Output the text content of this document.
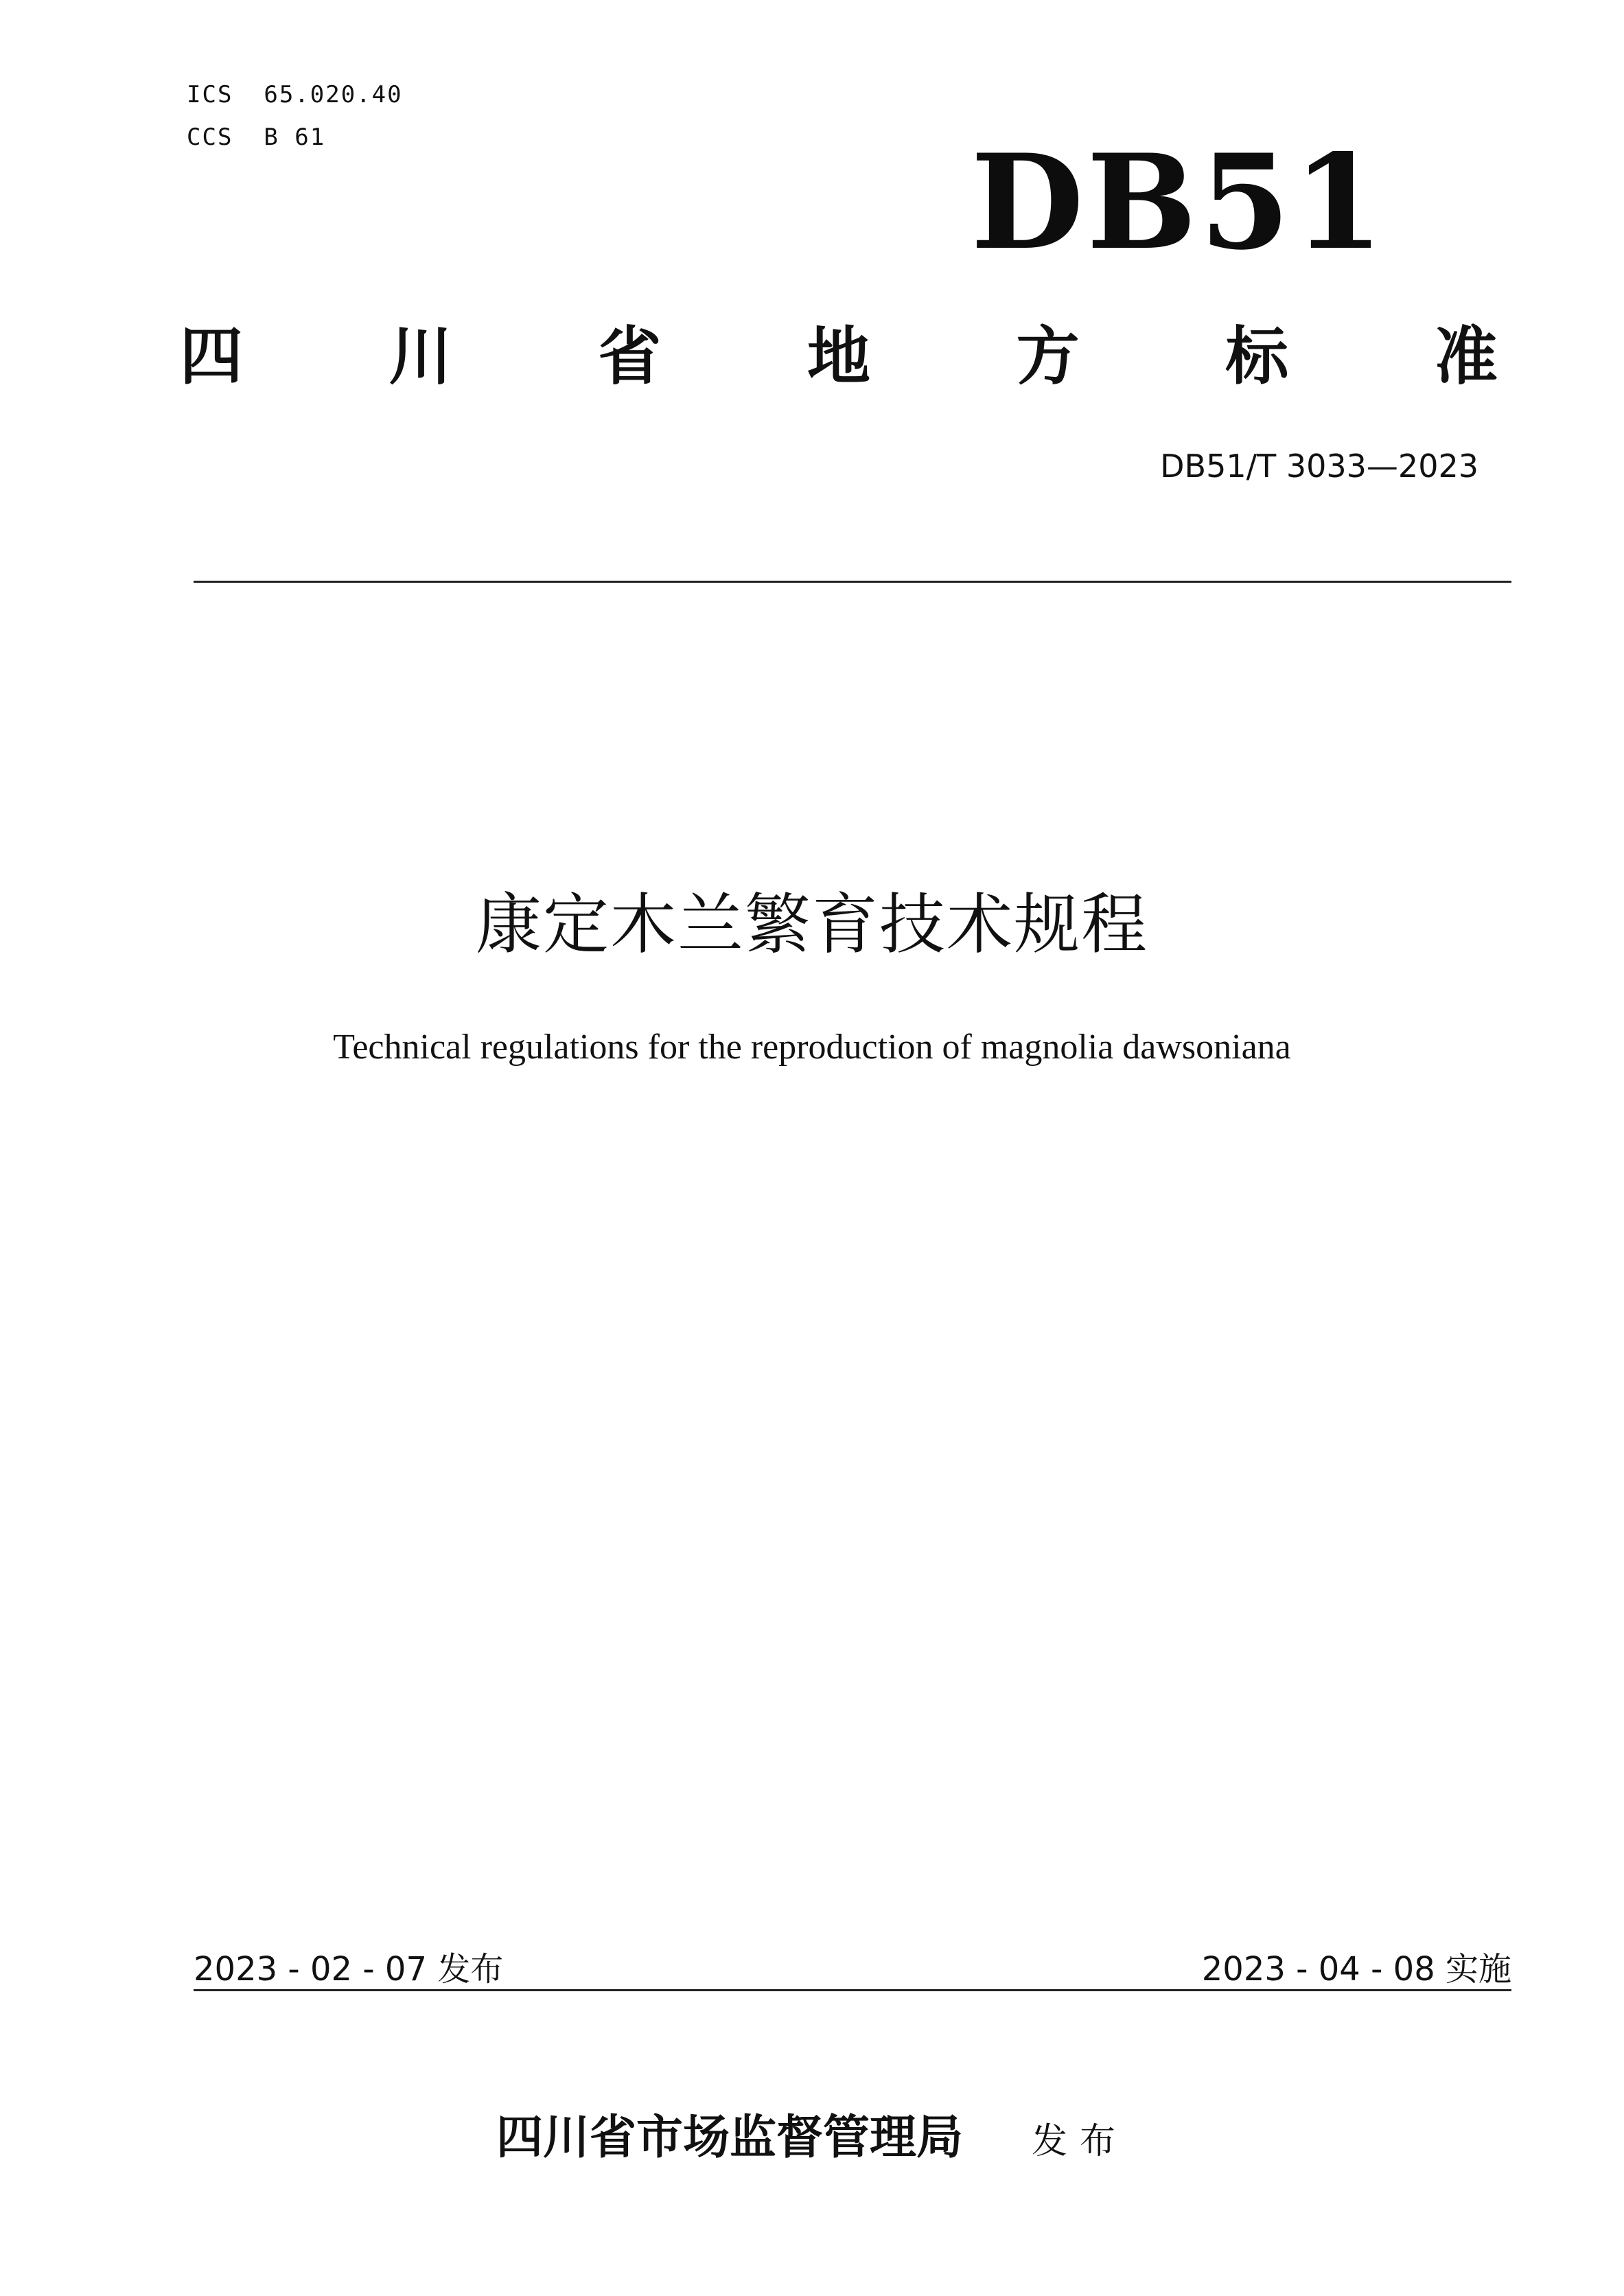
ICS  65.020.40
CCS  B 61	DB51
四 川 省 地 方 标 准
DB51/T 3033—2023
康定木兰繁育技术规程
Technical regulations for the reproduction of magnolia dawsoniana
2023 - 02 - 07 发布	2023 - 04 - 08 实施
四川省市场监督管理局 发布
